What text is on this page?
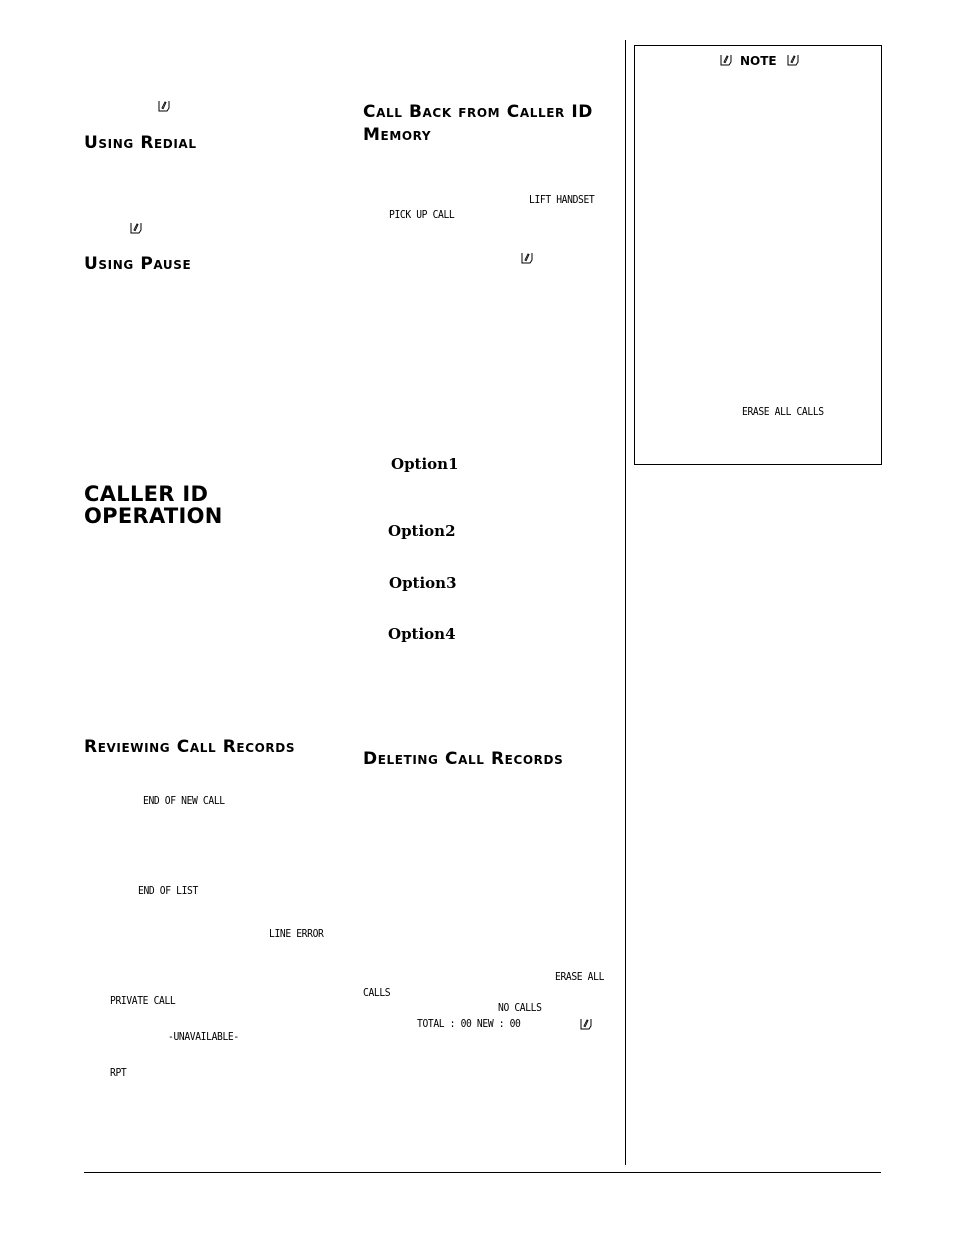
Using Redial
Using Pause
CALLER ID
OPERATION
Reviewing Call Records
END OF NEW CALL
END OF LIST
LINE ERROR
PRIVATE CALL
-UNAVAILABLE-
RPT
Call Back from Caller ID
Memory
LIFT HANDSET
PICK UP CALL
Option1
Option2
Option3
Option4
Deleting Call Records
ERASE ALL
CALLS
NO CALLS
TOTAL : 00 NEW : 00
NOTE
ERASE ALL CALLS
